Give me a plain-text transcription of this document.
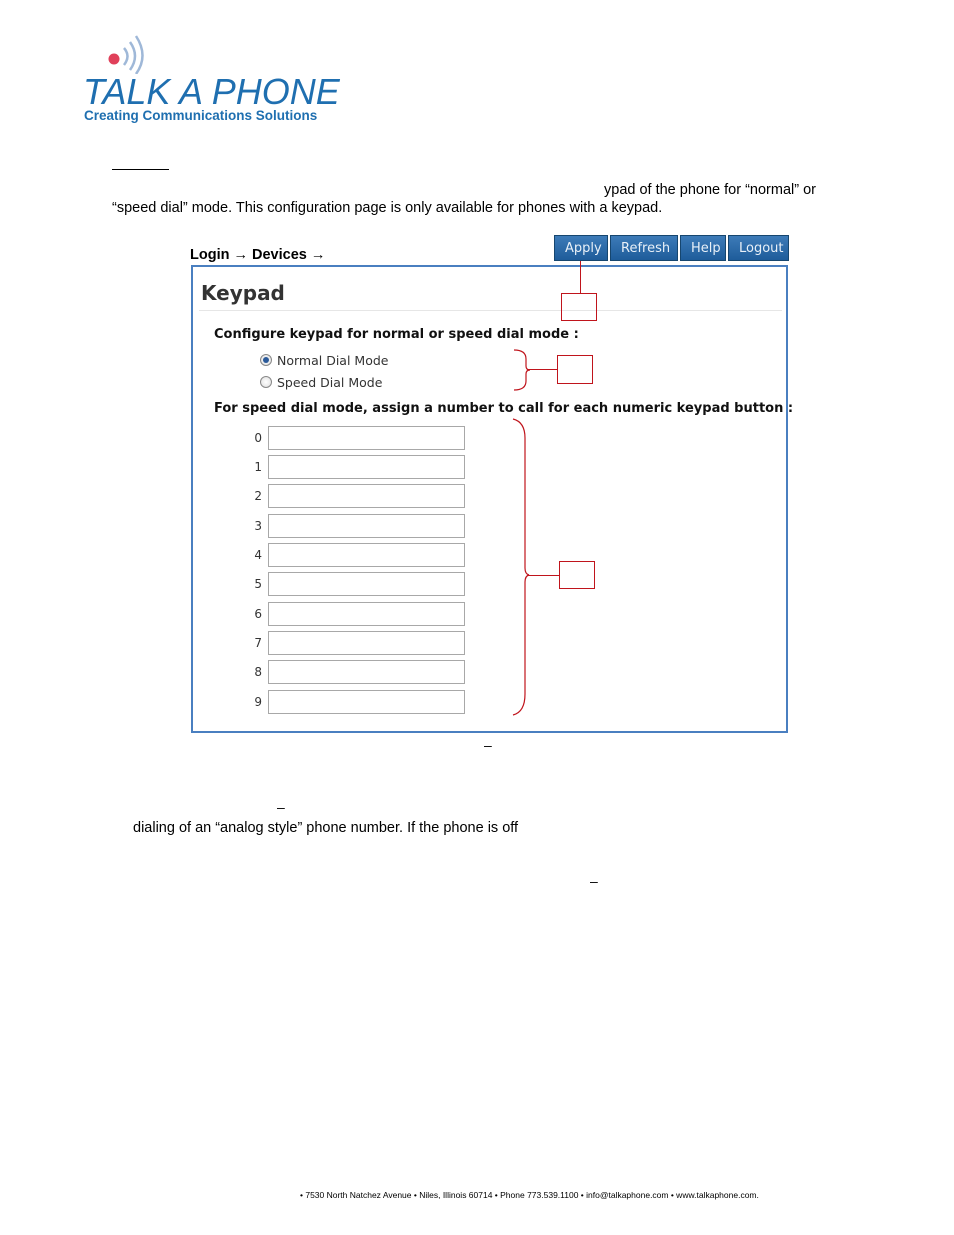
TALK A PHONE
Creating Communications Solutions
ypad of the phone for “normal” or
“speed dial” mode. This configuration page is only available for phones with a keypad.
Login → Devices →	Apply	Refresh	Help	Logout
Keypad
Configure keypad for normal or speed dial mode :
Normal Dial Mode
Speed Dial Mode
For speed dial mode, assign a number to call for each numeric keypad button :
0
1
2
3
4
5
6
7
8
9
–
–
dialing of an “analog style” phone number. If the phone is off
–
• 7530 North Natchez Avenue • Niles, Illinois 60714 • Phone 773.539.1100 • info@talkaphone.com • www.talkaphone.com.
